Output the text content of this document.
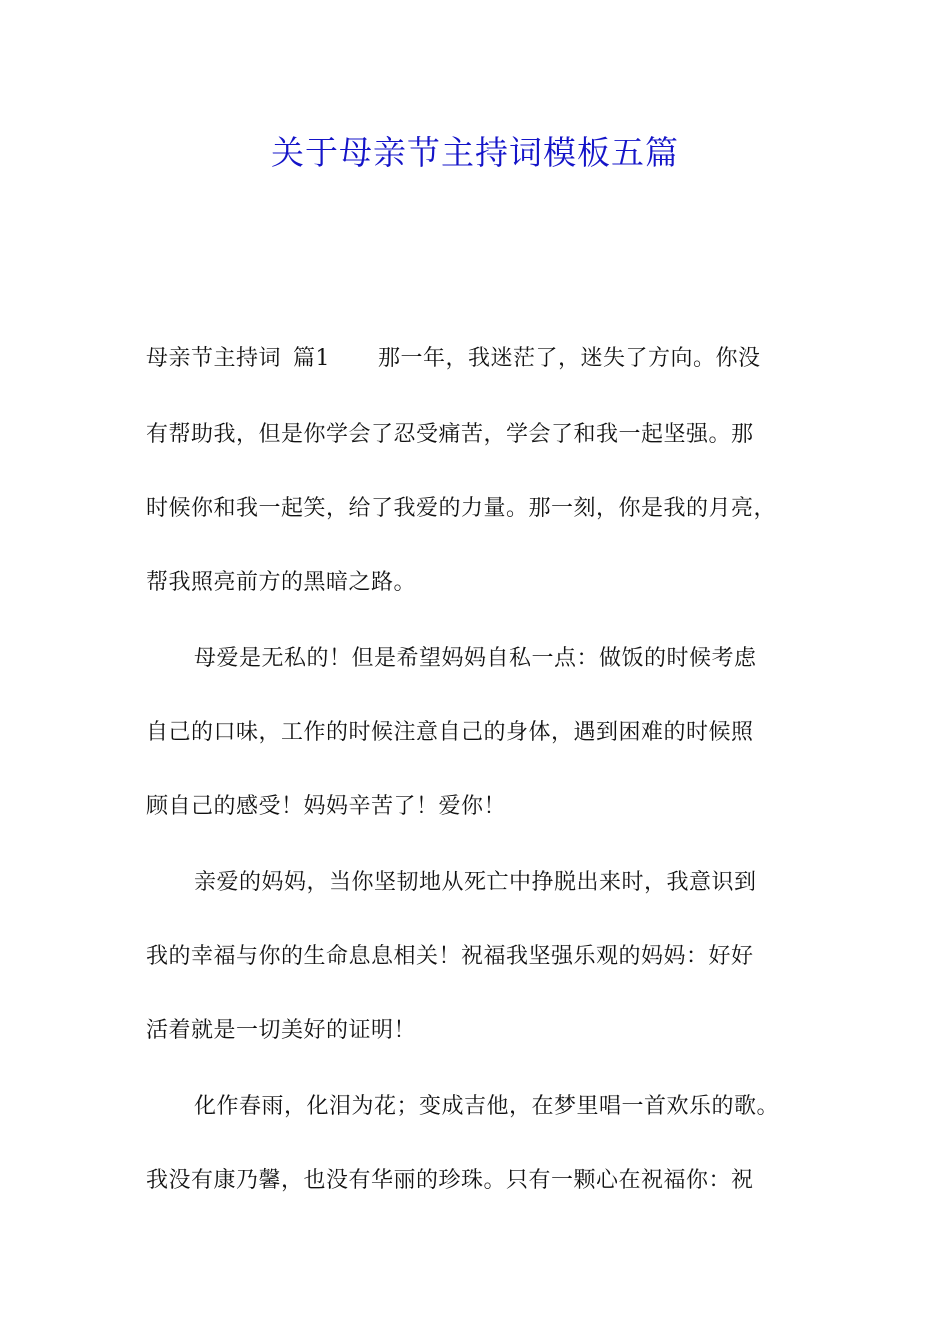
关于母亲节主持词模板五篇
母亲节主持词 篇1 那一年，我迷茫了，迷失了方向。你没
有帮助我，但是你学会了忍受痛苦，学会了和我一起坚强。那
时候你和我一起笑，给了我爱的力量。那一刻，你是我的月亮，
帮我照亮前方的黑暗之路。
母爱是无私的！但是希望妈妈自私一点：做饭的时候考虑
自己的口味，工作的时候注意自己的身体，遇到困难的时候照
顾自己的感受！妈妈辛苦了！爱你！
亲爱的妈妈，当你坚韧地从死亡中挣脱出来时，我意识到
我的幸福与你的生命息息相关！祝福我坚强乐观的妈妈：好好
活着就是一切美好的证明！
化作春雨，化泪为花；变成吉他，在梦里唱一首欢乐的歌。
我没有康乃馨，也没有华丽的珍珠。只有一颗心在祝福你：祝
